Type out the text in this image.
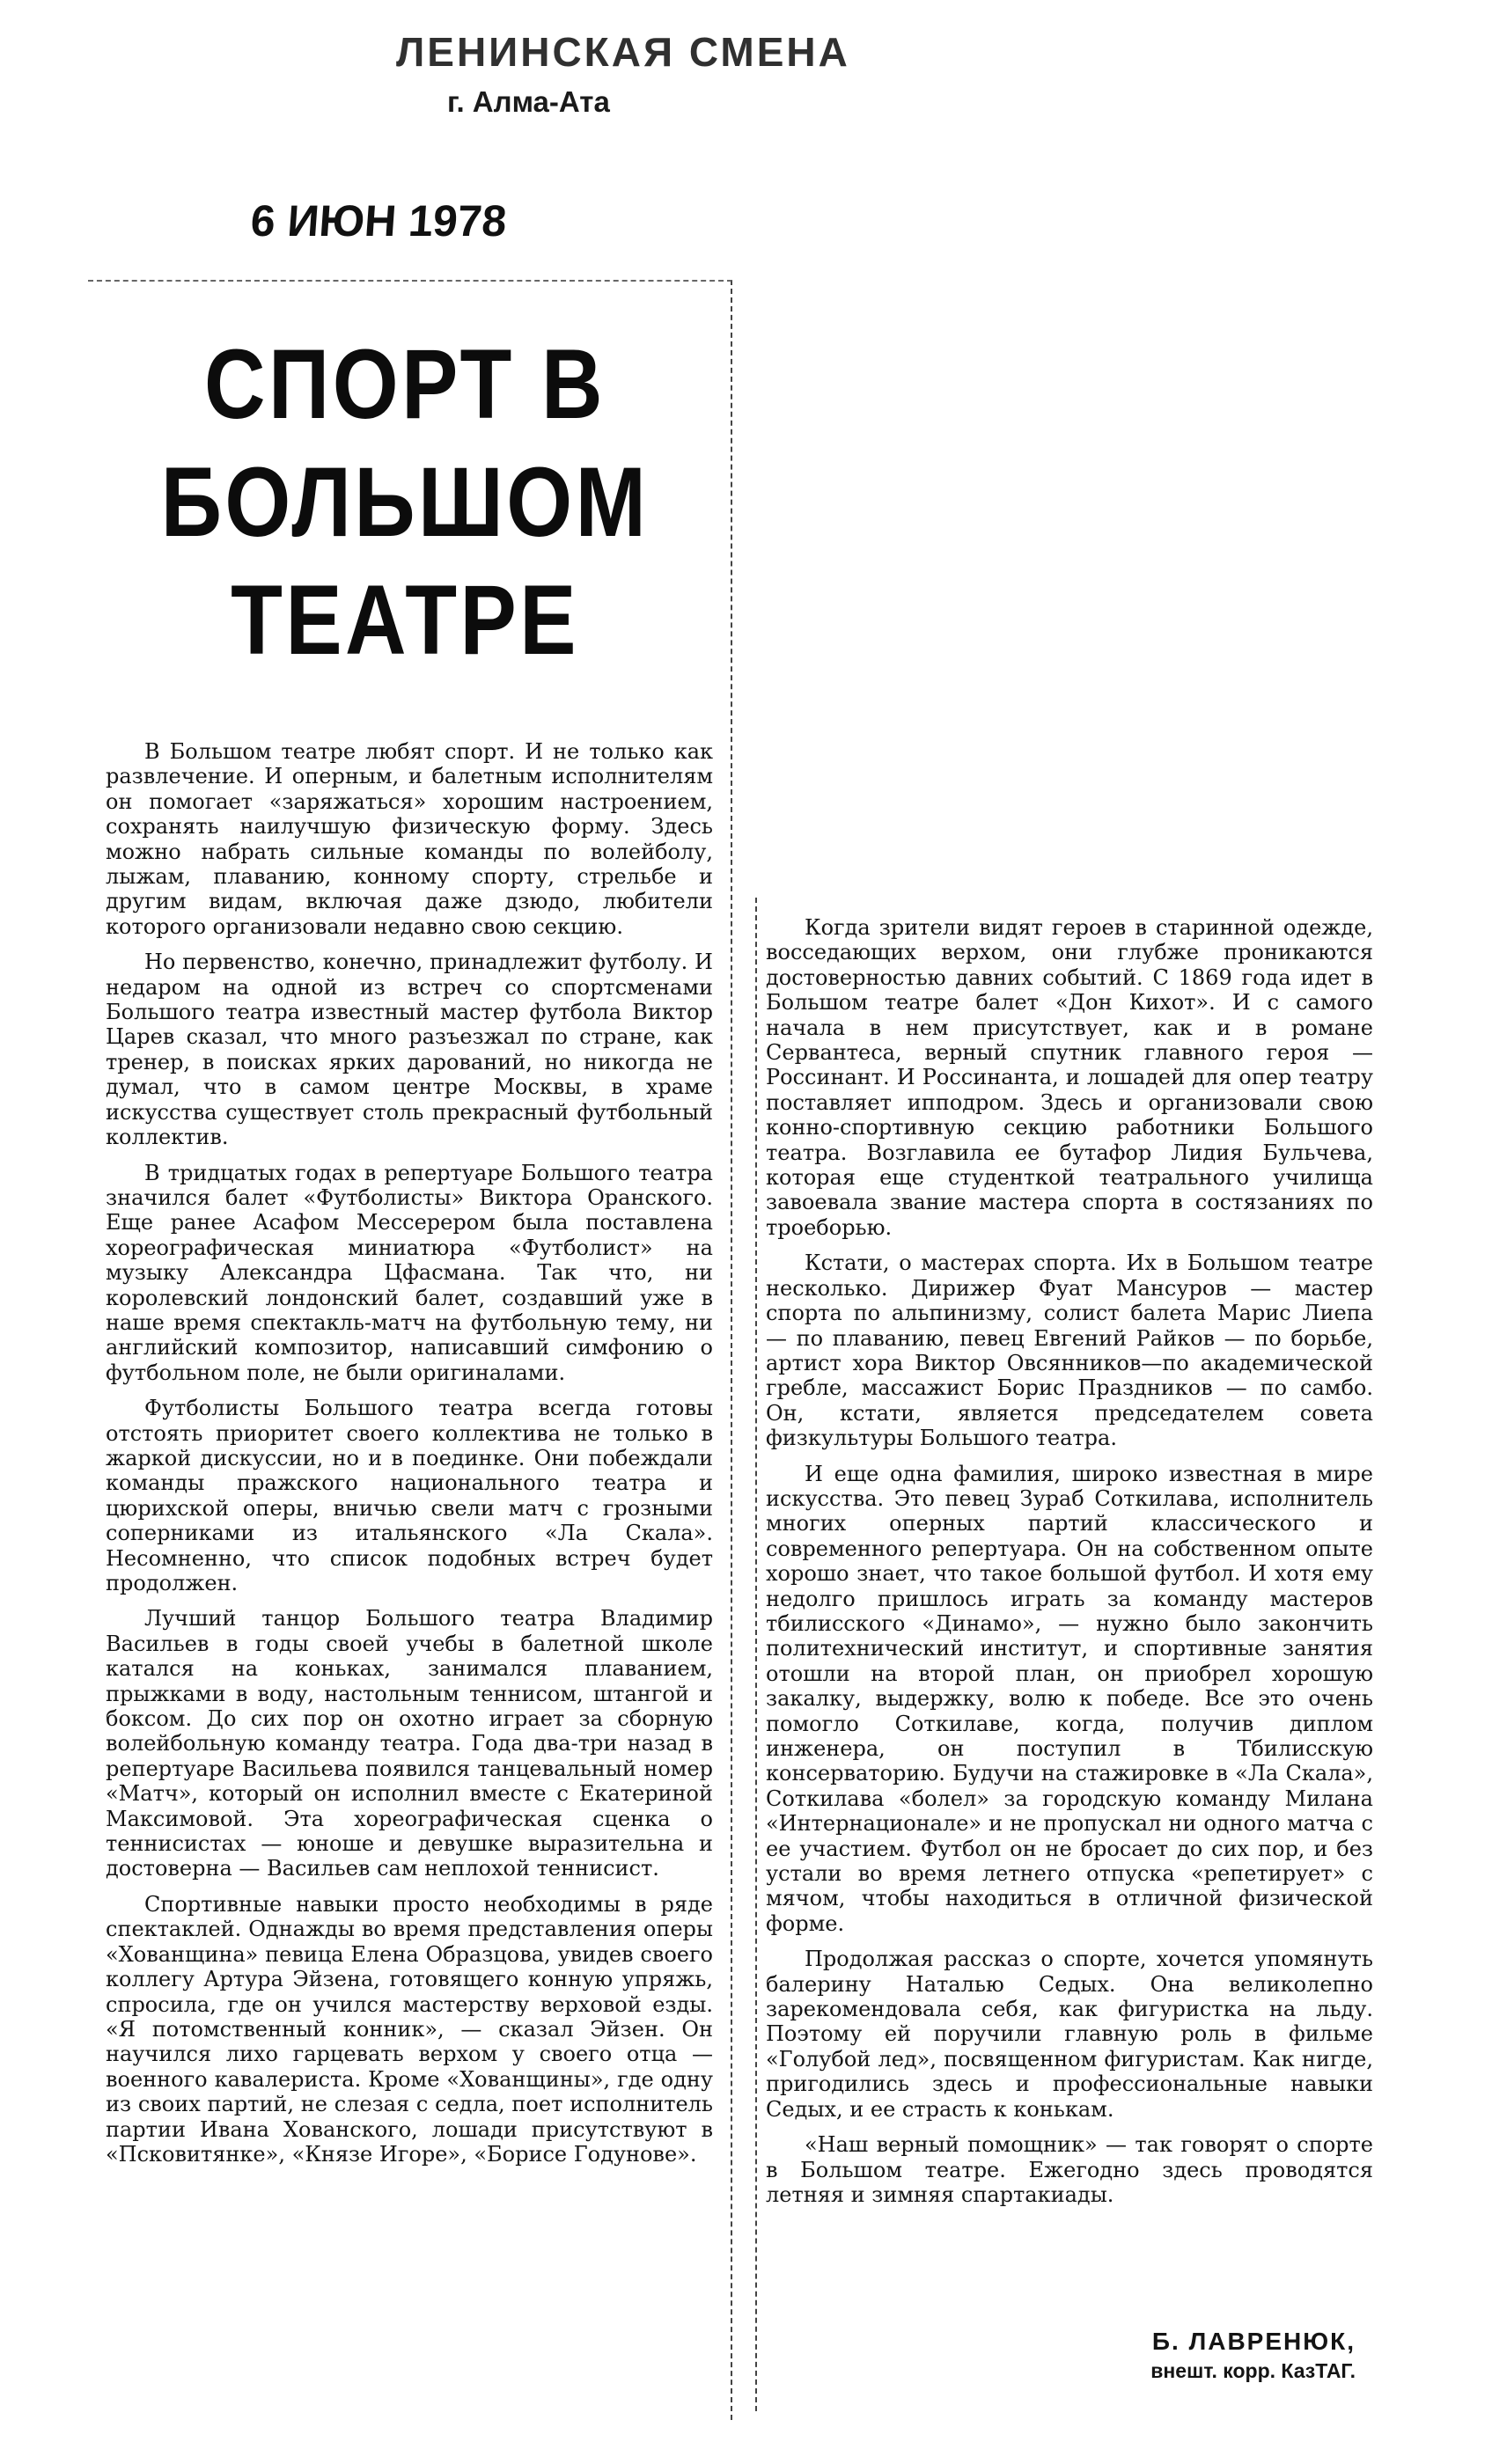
ЛЕНИНСКАЯ СМЕНА

г. Алма-Ата

6 ИЮН 1978

СПОРТ В БОЛЬШОМ ТЕАТРЕ

В Большом театре любят спорт. И не только как развлечение. И оперным, и балетным исполнителям он помогает «заряжаться» хорошим настроением, сохранять наилучшую физическую форму. Здесь можно набрать сильные команды по волейболу, лыжам, плаванию, конному спорту, стрельбе и другим видам, включая даже дзюдо, любители которого организовали недавно свою секцию.

Но первенство, конечно, принадлежит футболу. И недаром на одной из встреч со спортсменами Большого театра известный мастер футбола Виктор Царев сказал, что много разъезжал по стране, как тренер, в поисках ярких дарований, но никогда не думал, что в самом центре Москвы, в храме искусства существует столь прекрасный футбольный коллектив.

В тридцатых годах в репертуаре Большого театра значился балет «Футболисты» Виктора Оранского. Еще ранее Асафом Мессерером была поставлена хореографическая миниатюра «Футболист» на музыку Александра Цфасмана. Так что, ни королевский лондонский балет, создавший уже в наше время спектакль-матч на футбольную тему, ни английский композитор, написавший симфонию о футбольном поле, не были оригиналами.

Футболисты Большого театра всегда готовы отстоять приоритет своего коллектива не только в жаркой дискуссии, но и в поединке. Они побеждали команды пражского национального театра и цюрихской оперы, вничью свели матч с грозными соперниками из итальянского «Ла Скала». Несомненно, что список подобных встреч будет продолжен.

Лучший танцор Большого театра Владимир Васильев в годы своей учебы в балетной школе катался на коньках, занимался плаванием, прыжками в воду, настольным теннисом, штангой и боксом. До сих пор он охотно играет за сборную волейбольную команду театра. Года два-три назад в репертуаре Васильева появился танцевальный номер «Матч», который он исполнил вместе с Екатериной Максимовой. Эта хореографическая сценка о теннисистах — юноше и девушке выразительна и достоверна — Васильев сам неплохой теннисист.

Спортивные навыки просто необходимы в ряде спектаклей. Однажды во время представления оперы «Хованщина» певица Елена Образцова, увидев своего коллегу Артура Эйзена, готовящего конную упряжь, спросила, где он учился мастерству верховой езды. «Я потомственный конник», — сказал Эйзен. Он научился лихо гарцевать верхом у своего отца — военного кавалериста. Кроме «Хованщины», где одну из своих партий, не слезая с седла, поет исполнитель партии Ивана Хованского, лошади присутствуют в «Псковитянке», «Князе Игоре», «Борисе Годунове».

Когда зрители видят героев в старинной одежде, восседающих верхом, они глубже проникаются достоверностью давних событий. С 1869 года идет в Большом театре балет «Дон Кихот». И с самого начала в нем присутствует, как и в романе Сервантеса, верный спутник главного героя — Россинант. И Россинанта, и лошадей для опер театру поставляет ипподром. Здесь и организовали свою конно-спортивную секцию работники Большого театра. Возглавила ее бутафор Лидия Бульчева, которая еще студенткой театрального училища завоевала звание мастера спорта в состязаниях по троеборью.

Кстати, о мастерах спорта. Их в Большом театре несколько. Дирижер Фуат Мансуров — мастер спорта по альпинизму, солист балета Марис Лиепа — по плаванию, певец Евгений Райков — по борьбе, артист хора Виктор Овсянников—по академической гребле, массажист Борис Праздников — по самбо. Он, кстати, является председателем совета физкультуры Большого театра.

И еще одна фамилия, широко известная в мире искусства. Это певец Зураб Соткилава, исполнитель многих оперных партий классического и современного репертуара. Он на собственном опыте хорошо знает, что такое большой футбол. И хотя ему недолго пришлось играть за команду мастеров тбилисского «Динамо», — нужно было закончить политехнический институт, и спортивные занятия отошли на второй план, он приобрел хорошую закалку, выдержку, волю к победе. Все это очень помогло Соткилаве, когда, получив диплом инженера, он поступил в Тбилисскую консерваторию. Будучи на стажировке в «Ла Скала», Соткилава «болел» за городскую команду Милана «Интернационале» и не пропускал ни одного матча с ее участием. Футбол он не бросает до сих пор, и без устали во время летнего отпуска «репетирует» с мячом, чтобы находиться в отличной физической форме.

Продолжая рассказ о спорте, хочется упомянуть балерину Наталью Седых. Она великолепно зарекомендовала себя, как фигуристка на льду. Поэтому ей поручили главную роль в фильме «Голубой лед», посвященном фигуристам. Как нигде, пригодились здесь и профессиональные навыки Седых, и ее страсть к конькам.

«Наш верный помощник» — так говорят о спорте в Большом театре. Ежегодно здесь проводятся летняя и зимняя спартакиады.

Б. ЛАВРЕНЮК,

внешт. корр. КазТАГ.
